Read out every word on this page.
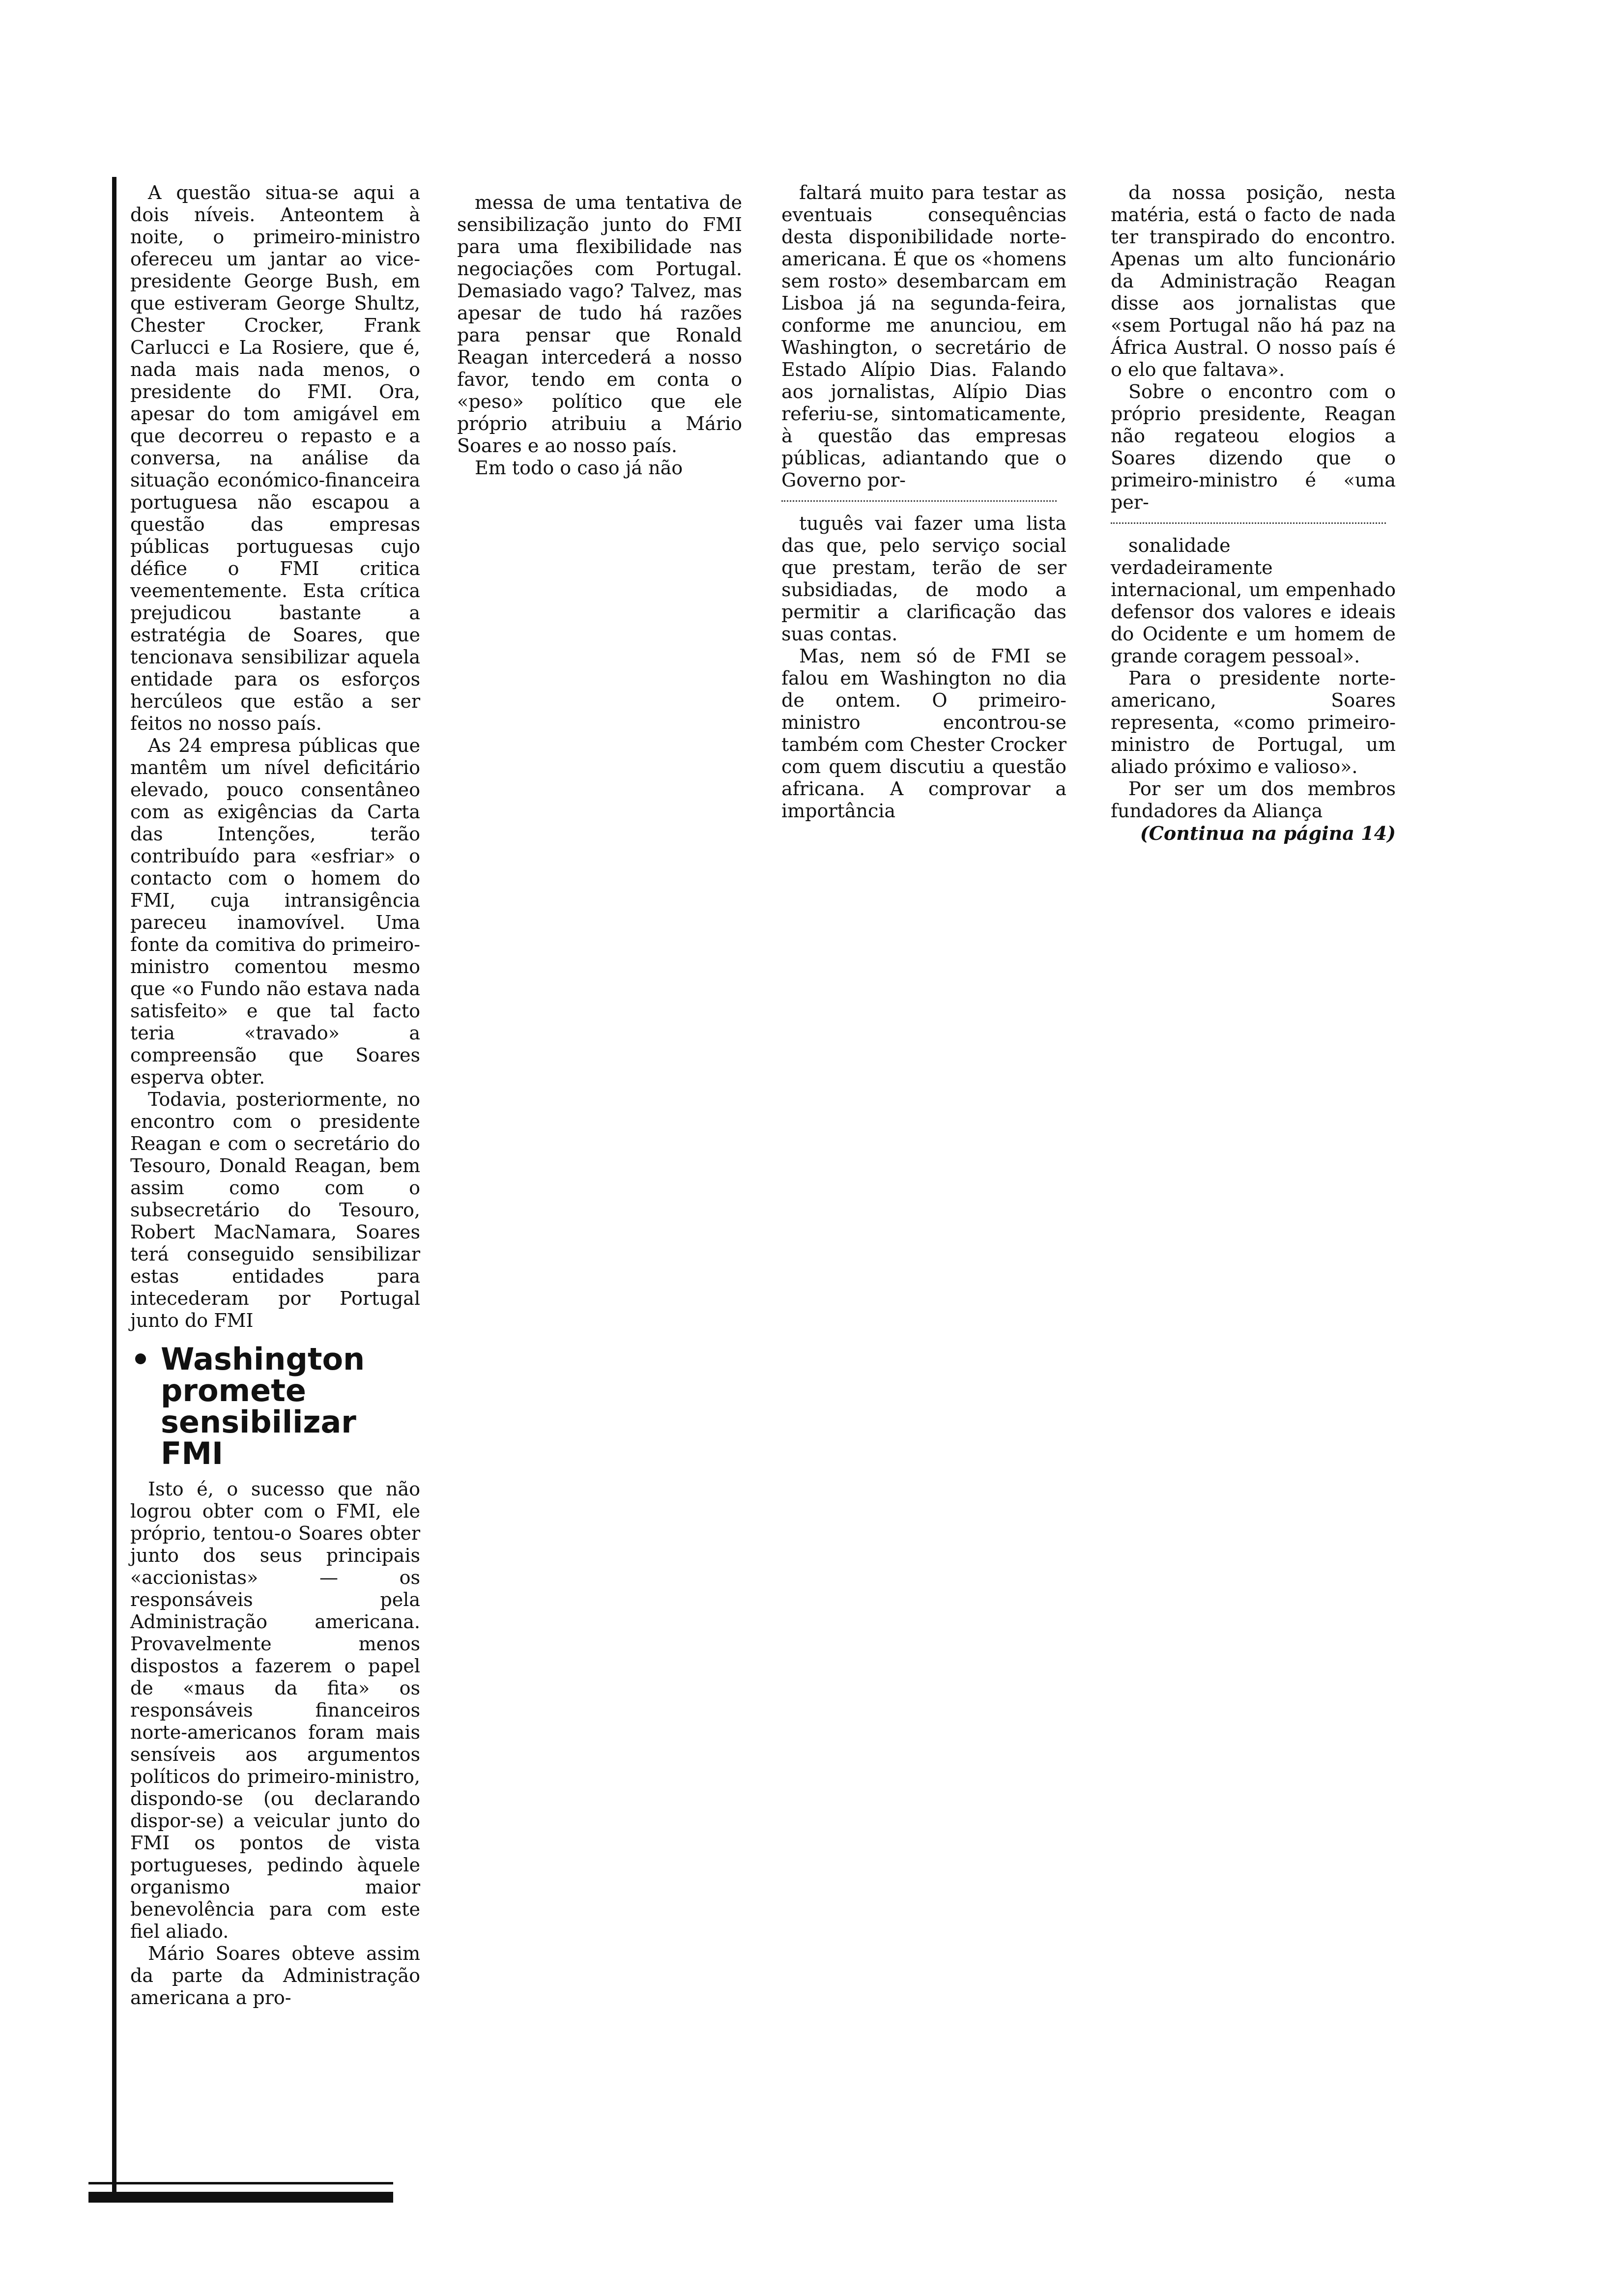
A questão situa-se aqui a dois níveis. Anteontem à noite, o primeiro-ministro ofereceu um jantar ao vice-presidente George Bush, em que estiveram George Shultz, Chester Crocker, Frank Carlucci e La Rosiere, que é, nada mais nada menos, o presidente do FMI. Ora, apesar do tom amigável em que decorreu o repasto e a conversa, na análise da situação económico-financeira portuguesa não escapou a questão das empresas públicas portuguesas cujo défice o FMI critica veementemente. Esta crítica prejudicou bastante a estratégia de Soares, que tencionava sensibilizar aquela entidade para os esforços hercúleos que estão a ser feitos no nosso país.

As 24 empresa públicas que mantêm um nível deficitário elevado, pouco consentâneo com as exigências da Carta das Intenções, terão contribuído para «esfriar» o contacto com o homem do FMI, cuja intransigência pareceu inamovível. Uma fonte da comitiva do primeiro-ministro comentou mesmo que «o Fundo não estava nada satisfeito» e que tal facto teria «travado» a compreensão que Soares esperva obter.

Todavia, posteriormente, no encontro com o presidente Reagan e com o secretário do Tesouro, Donald Reagan, bem assim como com o subsecretário do Tesouro, Robert MacNamara, Soares terá conseguido sensibilizar estas entidades para intecederam por Portugal junto do FMI

Washington promete sensibilizar FMI

Isto é, o sucesso que não logrou obter com o FMI, ele próprio, tentou-o Soares obter junto dos seus principais «accionistas» — os responsáveis pela Administração americana. Provavelmente menos dispostos a fazerem o papel de «maus da fita» os responsáveis financeiros norte-americanos foram mais sensíveis aos argumentos políticos do primeiro-ministro, dispondo-se (ou declarando dispor-se) a veicular junto do FMI os pontos de vista portugueses, pedindo àquele organismo maior benevolência para com este fiel aliado.

Mário Soares obteve assim da parte da Administração americana a pro-

messa de uma tentativa de sensibilização junto do FMI para uma flexibilidade nas negociações com Portugal. Demasiado vago? Talvez, mas apesar de tudo há razões para pensar que Ronald Reagan intercederá a nosso favor, tendo em conta o «peso» político que ele próprio atribuiu a Mário Soares e ao nosso país.

Em todo o caso já não

faltará muito para testar as eventuais consequências desta disponibilidade norte-americana. É que os «homens sem rosto» desembarcam em Lisboa já na segunda-feira, conforme me anunciou, em Washington, o secretário de Estado Alípio Dias. Falando aos jornalistas, Alípio Dias referiu-se, sintomaticamente, à questão das empresas públicas, adiantando que o Governo por-

tuguês vai fazer uma lista das que, pelo serviço social que prestam, terão de ser subsidiadas, de modo a permitir a clarificação das suas contas.

Mas, nem só de FMI se falou em Washington no dia de ontem. O primeiro-ministro encontrou-se também com Chester Crocker com quem discutiu a questão africana. A comprovar a importância

da nossa posição, nesta matéria, está o facto de nada ter transpirado do encontro. Apenas um alto funcionário da Administração Reagan disse aos jornalistas que «sem Portugal não há paz na África Austral. O nosso país é o elo que faltava».

Sobre o encontro com o próprio presidente, Reagan não regateou elogios a Soares dizendo que o primeiro-ministro é «uma per-

sonalidade verdadeiramente internacional, um empenhado defensor dos valores e ideais do Ocidente e um homem de grande coragem pessoal».

Para o presidente norte-americano, Soares representa, «como primeiro-ministro de Portugal, um aliado próximo e valioso».

Por ser um dos membros fundadores da Aliança

(Continua na página 14)
